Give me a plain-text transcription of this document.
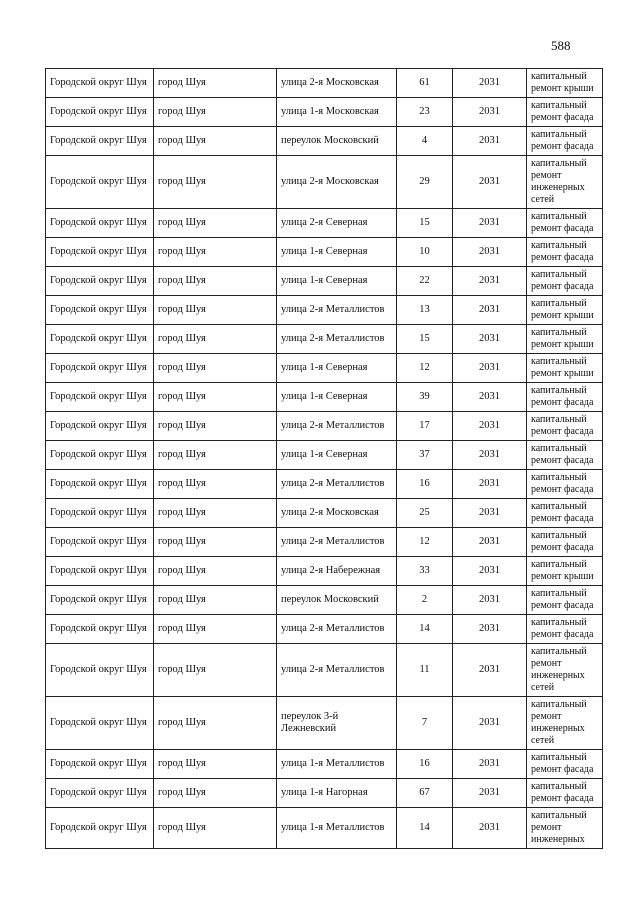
588
Городской округ Шуя	город Шуя	улица 2-я Московская	61	2031	капитальный ремонт крыши
Городской округ Шуя	город Шуя	улица 1-я Московская	23	2031	капитальный ремонт фасада
Городской округ Шуя	город Шуя	переулок Московский	4	2031	капитальный ремонт фасада
Городской округ Шуя	город Шуя	улица 2-я Московская	29	2031	капитальный ремонт инженерных сетей
Городской округ Шуя	город Шуя	улица 2-я Северная	15	2031	капитальный ремонт фасада
Городской округ Шуя	город Шуя	улица 1-я Северная	10	2031	капитальный ремонт фасада
Городской округ Шуя	город Шуя	улица 1-я Северная	22	2031	капитальный ремонт фасада
Городской округ Шуя	город Шуя	улица 2-я Металлистов	13	2031	капитальный ремонт крыши
Городской округ Шуя	город Шуя	улица 2-я Металлистов	15	2031	капитальный ремонт крыши
Городской округ Шуя	город Шуя	улица 1-я Северная	12	2031	капитальный ремонт крыши
Городской округ Шуя	город Шуя	улица 1-я Северная	39	2031	капитальный ремонт фасада
Городской округ Шуя	город Шуя	улица 2-я Металлистов	17	2031	капитальный ремонт фасада
Городской округ Шуя	город Шуя	улица 1-я Северная	37	2031	капитальный ремонт фасада
Городской округ Шуя	город Шуя	улица 2-я Металлистов	16	2031	капитальный ремонт фасада
Городской округ Шуя	город Шуя	улица 2-я Московская	25	2031	капитальный ремонт фасада
Городской округ Шуя	город Шуя	улица 2-я Металлистов	12	2031	капитальный ремонт фасада
Городской округ Шуя	город Шуя	улица 2-я Набережная	33	2031	капитальный ремонт крыши
Городской округ Шуя	город Шуя	переулок Московский	2	2031	капитальный ремонт фасада
Городской округ Шуя	город Шуя	улица 2-я Металлистов	14	2031	капитальный ремонт фасада
Городской округ Шуя	город Шуя	улица 2-я Металлистов	11	2031	капитальный ремонт инженерных сетей
Городской округ Шуя	город Шуя	переулок 3-й Лежневский	7	2031	капитальный ремонт инженерных сетей
Городской округ Шуя	город Шуя	улица 1-я Металлистов	16	2031	капитальный ремонт фасада
Городской округ Шуя	город Шуя	улица 1-я Нагорная	67	2031	капитальный ремонт фасада
Городской округ Шуя	город Шуя	улица 1-я Металлистов	14	2031	капитальный ремонт инженерных
